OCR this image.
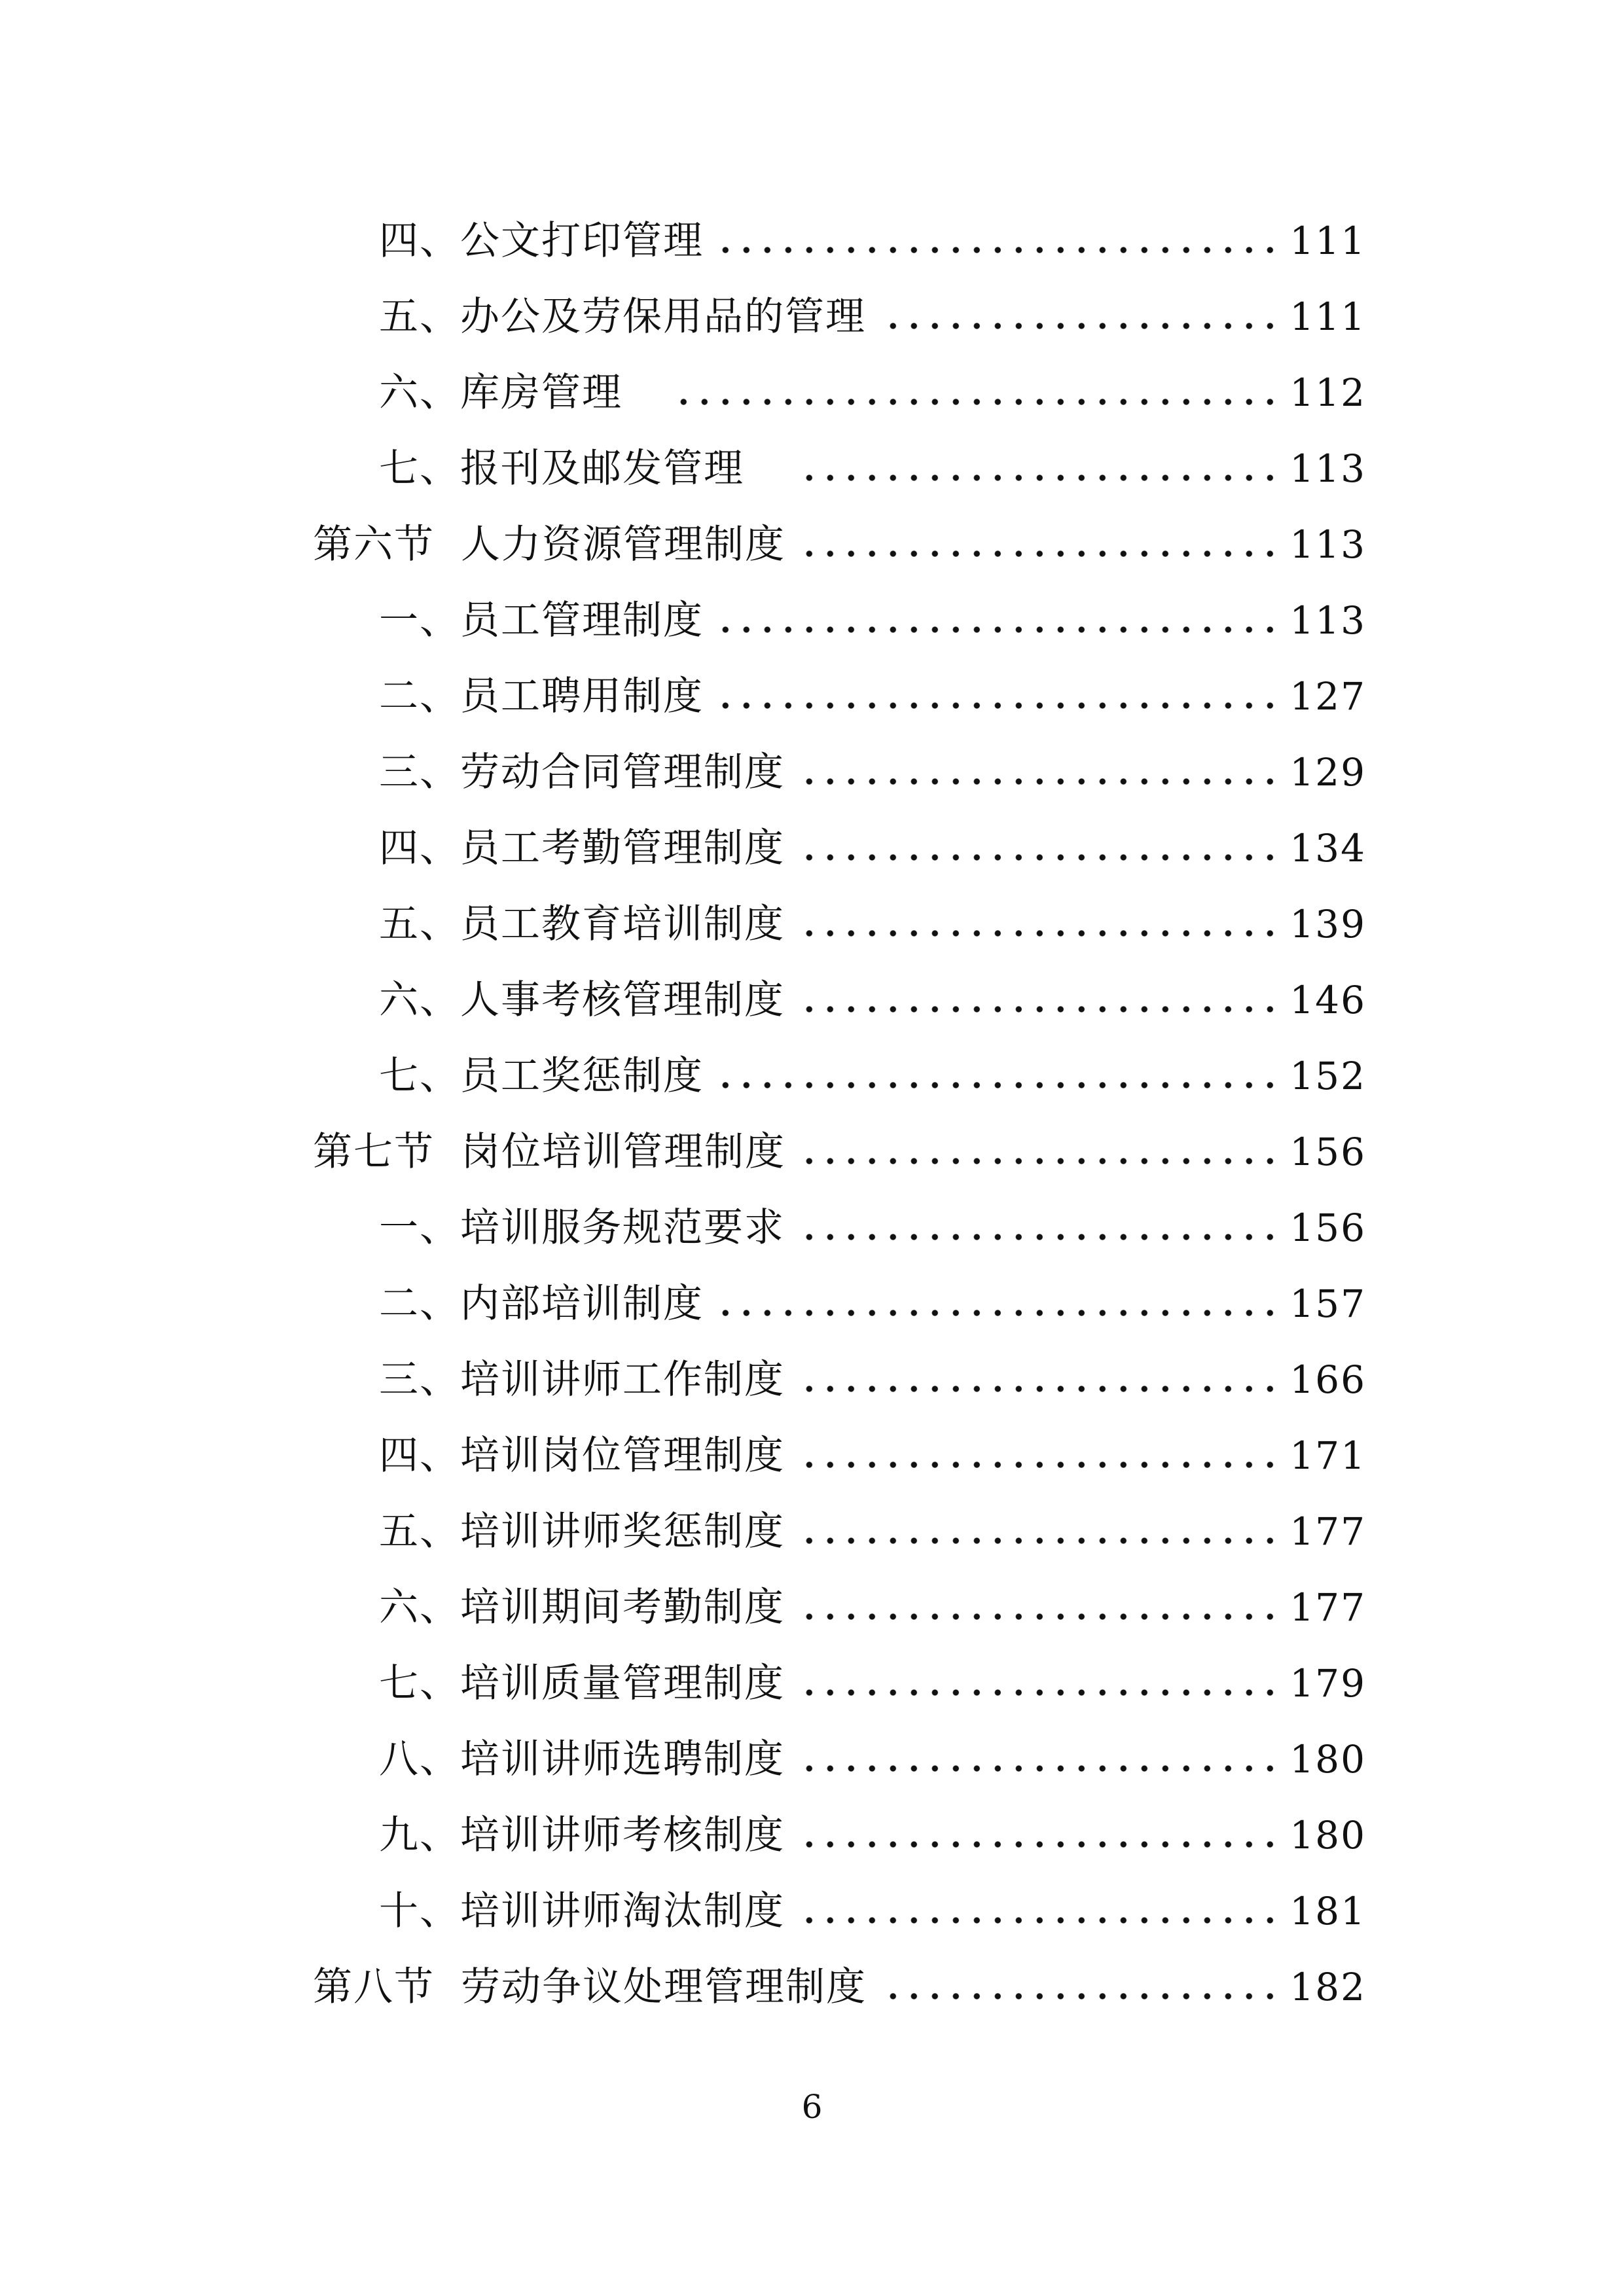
四、公文打印管理	111
五、办公及劳保用品的管理	111
六、库房管理	112
七、报刊及邮发管理	113
第六节 人力资源管理制度	113
一、员工管理制度	113
二、员工聘用制度	127
三、劳动合同管理制度	129
四、员工考勤管理制度	134
五、员工教育培训制度	139
六、人事考核管理制度	146
七、员工奖惩制度	152
第七节 岗位培训管理制度	156
一、培训服务规范要求	156
二、内部培训制度	157
三、培训讲师工作制度	166
四、培训岗位管理制度	171
五、培训讲师奖惩制度	177
六、培训期间考勤制度	177
七、培训质量管理制度	179
八、培训讲师选聘制度	180
九、培训讲师考核制度	180
十、培训讲师淘汰制度	181
第八节 劳动争议处理管理制度	182
6
